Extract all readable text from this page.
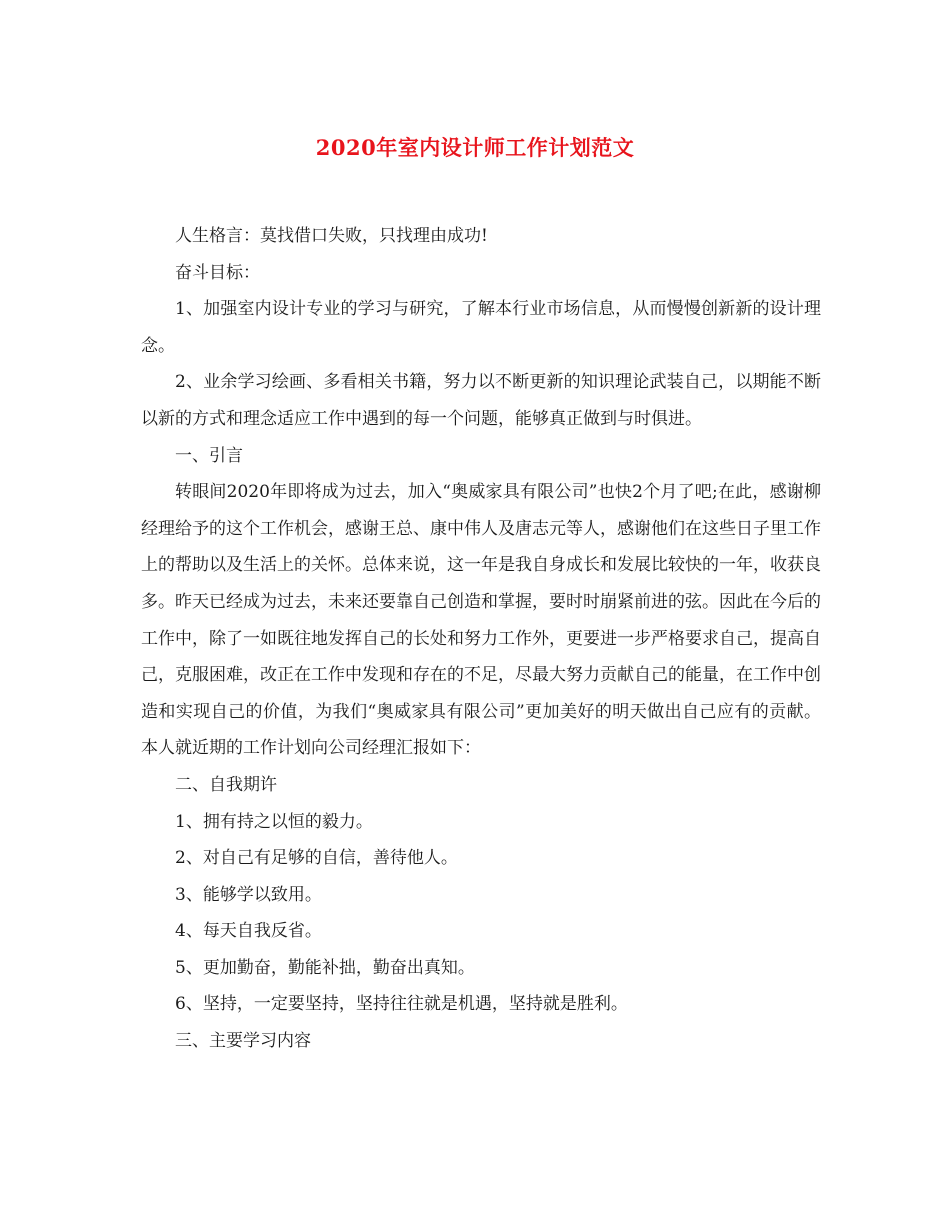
2020年室内设计师工作计划范文

人生格言：莫找借口失败，只找理由成功!

奋斗目标：

1、加强室内设计专业的学习与研究，了解本行业市场信息，从而慢慢创新新的设计理念。

2、业余学习绘画、多看相关书籍，努力以不断更新的知识理论武装自己，以期能不断以新的方式和理念适应工作中遇到的每一个问题，能够真正做到与时俱进。

一、引言

转眼间2020年即将成为过去，加入“奥威家具有限公司”也快2个月了吧;在此，感谢柳经理给予的这个工作机会，感谢王总、康中伟人及唐志元等人，感谢他们在这些日子里工作上的帮助以及生活上的关怀。总体来说，这一年是我自身成长和发展比较快的一年，收获良多。昨天已经成为过去，未来还要靠自己创造和掌握，要时时崩紧前进的弦。因此在今后的工作中，除了一如既往地发挥自己的长处和努力工作外，更要进一步严格要求自己，提高自己，克服困难，改正在工作中发现和存在的不足，尽最大努力贡献自己的能量，在工作中创造和实现自己的价值，为我们“奥威家具有限公司”更加美好的明天做出自己应有的贡献。本人就近期的工作计划向公司经理汇报如下：

二、自我期许

1、拥有持之以恒的毅力。

2、对自己有足够的自信，善待他人。

3、能够学以致用。

4、每天自我反省。

5、更加勤奋，勤能补拙，勤奋出真知。

6、坚持，一定要坚持，坚持往往就是机遇，坚持就是胜利。

三、主要学习内容
